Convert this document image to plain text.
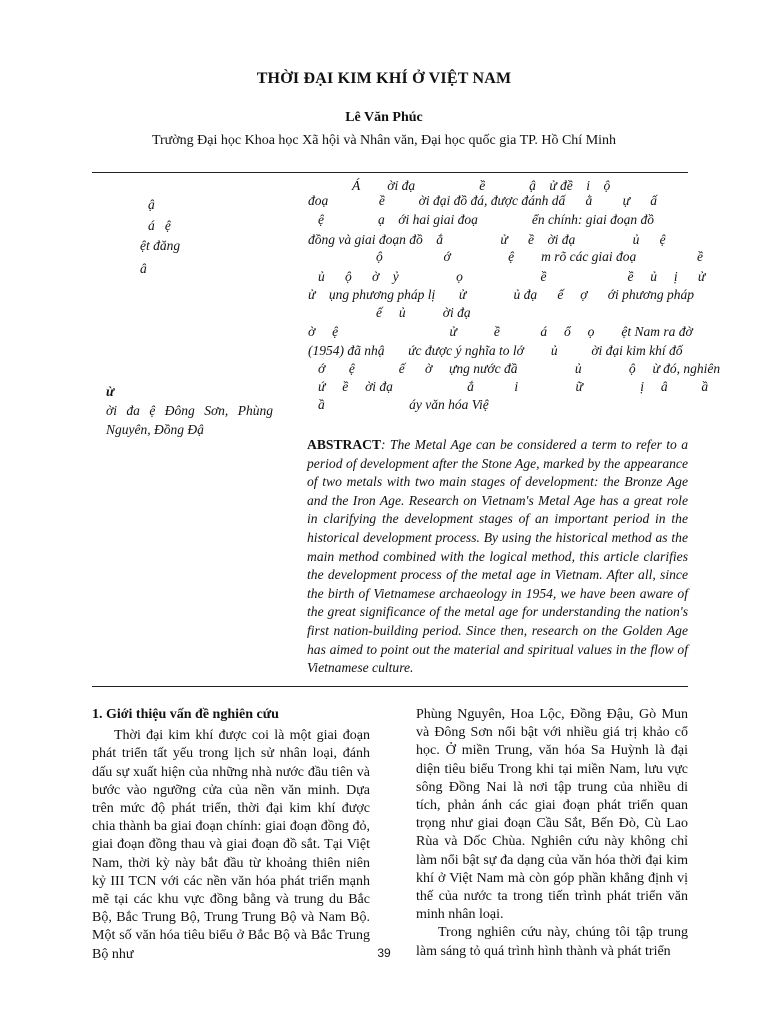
THỜI ĐẠI KIM KHÍ Ở VIỆT NAM
Lê Văn Phúc
Trường Đại học Khoa học Xã hội và Nhân văn, Đại học quốc gia TP. Hồ Chí Minh
ậ
á   ệ
ệt đăng
â
Á        ời đạ                   ề             ậ    ử đề    i    ộ
đoạ               ề          ời đại đồ đá, được đánh dấ      ằ         ự      ấ
ệ                ạ    ới hai giai đoạ                ển chính: giai đoạn đồ
đồng và giai đoạn đồ    ắ                 ử      ề    ời đạ                 ủ      ệ
ộ                  ớ                 ệ        m rõ các giai đoạ                  ề
ủ      ộ      ờ    ỷ                 ọ                       ề                        ề     ủ     ị      ử
ử    ụng phương pháp lị       ử              ủ đạ      ế     ợ      ới phương pháp
ế     ủ           ời đạ
ờ     ệ                                 ử           ề            á     ổ     ọ        ệt Nam ra đờ
(1954) đã nhậ       ức được ý nghĩa to lớ        ủ          ời đại kim khí đố
ớ       ệ             ế      ờ     ựng nước đầ                 ủ              ộ     ừ đó, nghiên
ứ     ề     ời đạ                      ắ            i                 ữ                 ị     â          ầ
ầ                         áy văn hóa Việ
ừ
ời đa ệ Đông Sơn, Phùng Nguyên, Đồng Đậ
ABSTRACT: The Metal Age can be considered a term to refer to a period of development after the Stone Age, marked by the appearance of two metals with two main stages of development: the Bronze Age and the Iron Age. Research on Vietnam's Metal Age has a great role in clarifying the development stages of an important period in the historical development process. By using the historical method as the main method combined with the logical method, this article clarifies the development process of the metal age in Vietnam. After all, since the birth of Vietnamese archaeology in 1954, we have been aware of the great significance of the metal age for understanding the nation's first nation-building period. Since then, research on the Golden Age has aimed to point out the material and spiritual values in the flow of Vietnamese culture.
1. Giới thiệu vấn đề nghiên cứu

Thời đại kim khí được coi là một giai đoạn phát triển tất yếu trong lịch sử nhân loại, đánh dấu sự xuất hiện của những nhà nước đầu tiên và bước vào ngưỡng cửa của nền văn minh. Dựa trên mức độ phát triển, thời đại kim khí được chia thành ba giai đoạn chính: giai đoạn đồng đỏ, giai đoạn đồng thau và giai đoạn đồ sắt. Tại Việt Nam, thời kỳ này bắt đầu từ khoảng thiên niên kỷ III TCN với các nền văn hóa phát triển mạnh mẽ tại các khu vực đồng bằng và trung du Bắc Bộ, Bắc Trung Bộ, Trung Trung Bộ và Nam Bộ. Một số văn hóa tiêu biểu ở Bắc Bộ và Bắc Trung Bộ như

Phùng Nguyên, Hoa Lộc, Đồng Đậu, Gò Mun và Đông Sơn nổi bật với nhiều giá trị khảo cổ học. Ở miền Trung, văn hóa Sa Huỳnh là đại diện tiêu biểu Trong khi tại miền Nam, lưu vực sông Đồng Nai là nơi tập trung của nhiều di tích, phản ánh các giai đoạn phát triển quan trọng như giai đoạn Cầu Sắt, Bến Đò, Cù Lao Rùa và Dốc Chùa. Nghiên cứu này không chỉ làm nổi bật sự đa dạng của văn hóa thời đại kim khí ở Việt Nam mà còn góp phần khẳng định vị thế của nước ta trong tiến trình phát triển văn minh nhân loại.

Trong nghiên cứu này, chúng tôi tập trung làm sáng tỏ quá trình hình thành và phát triển

39
